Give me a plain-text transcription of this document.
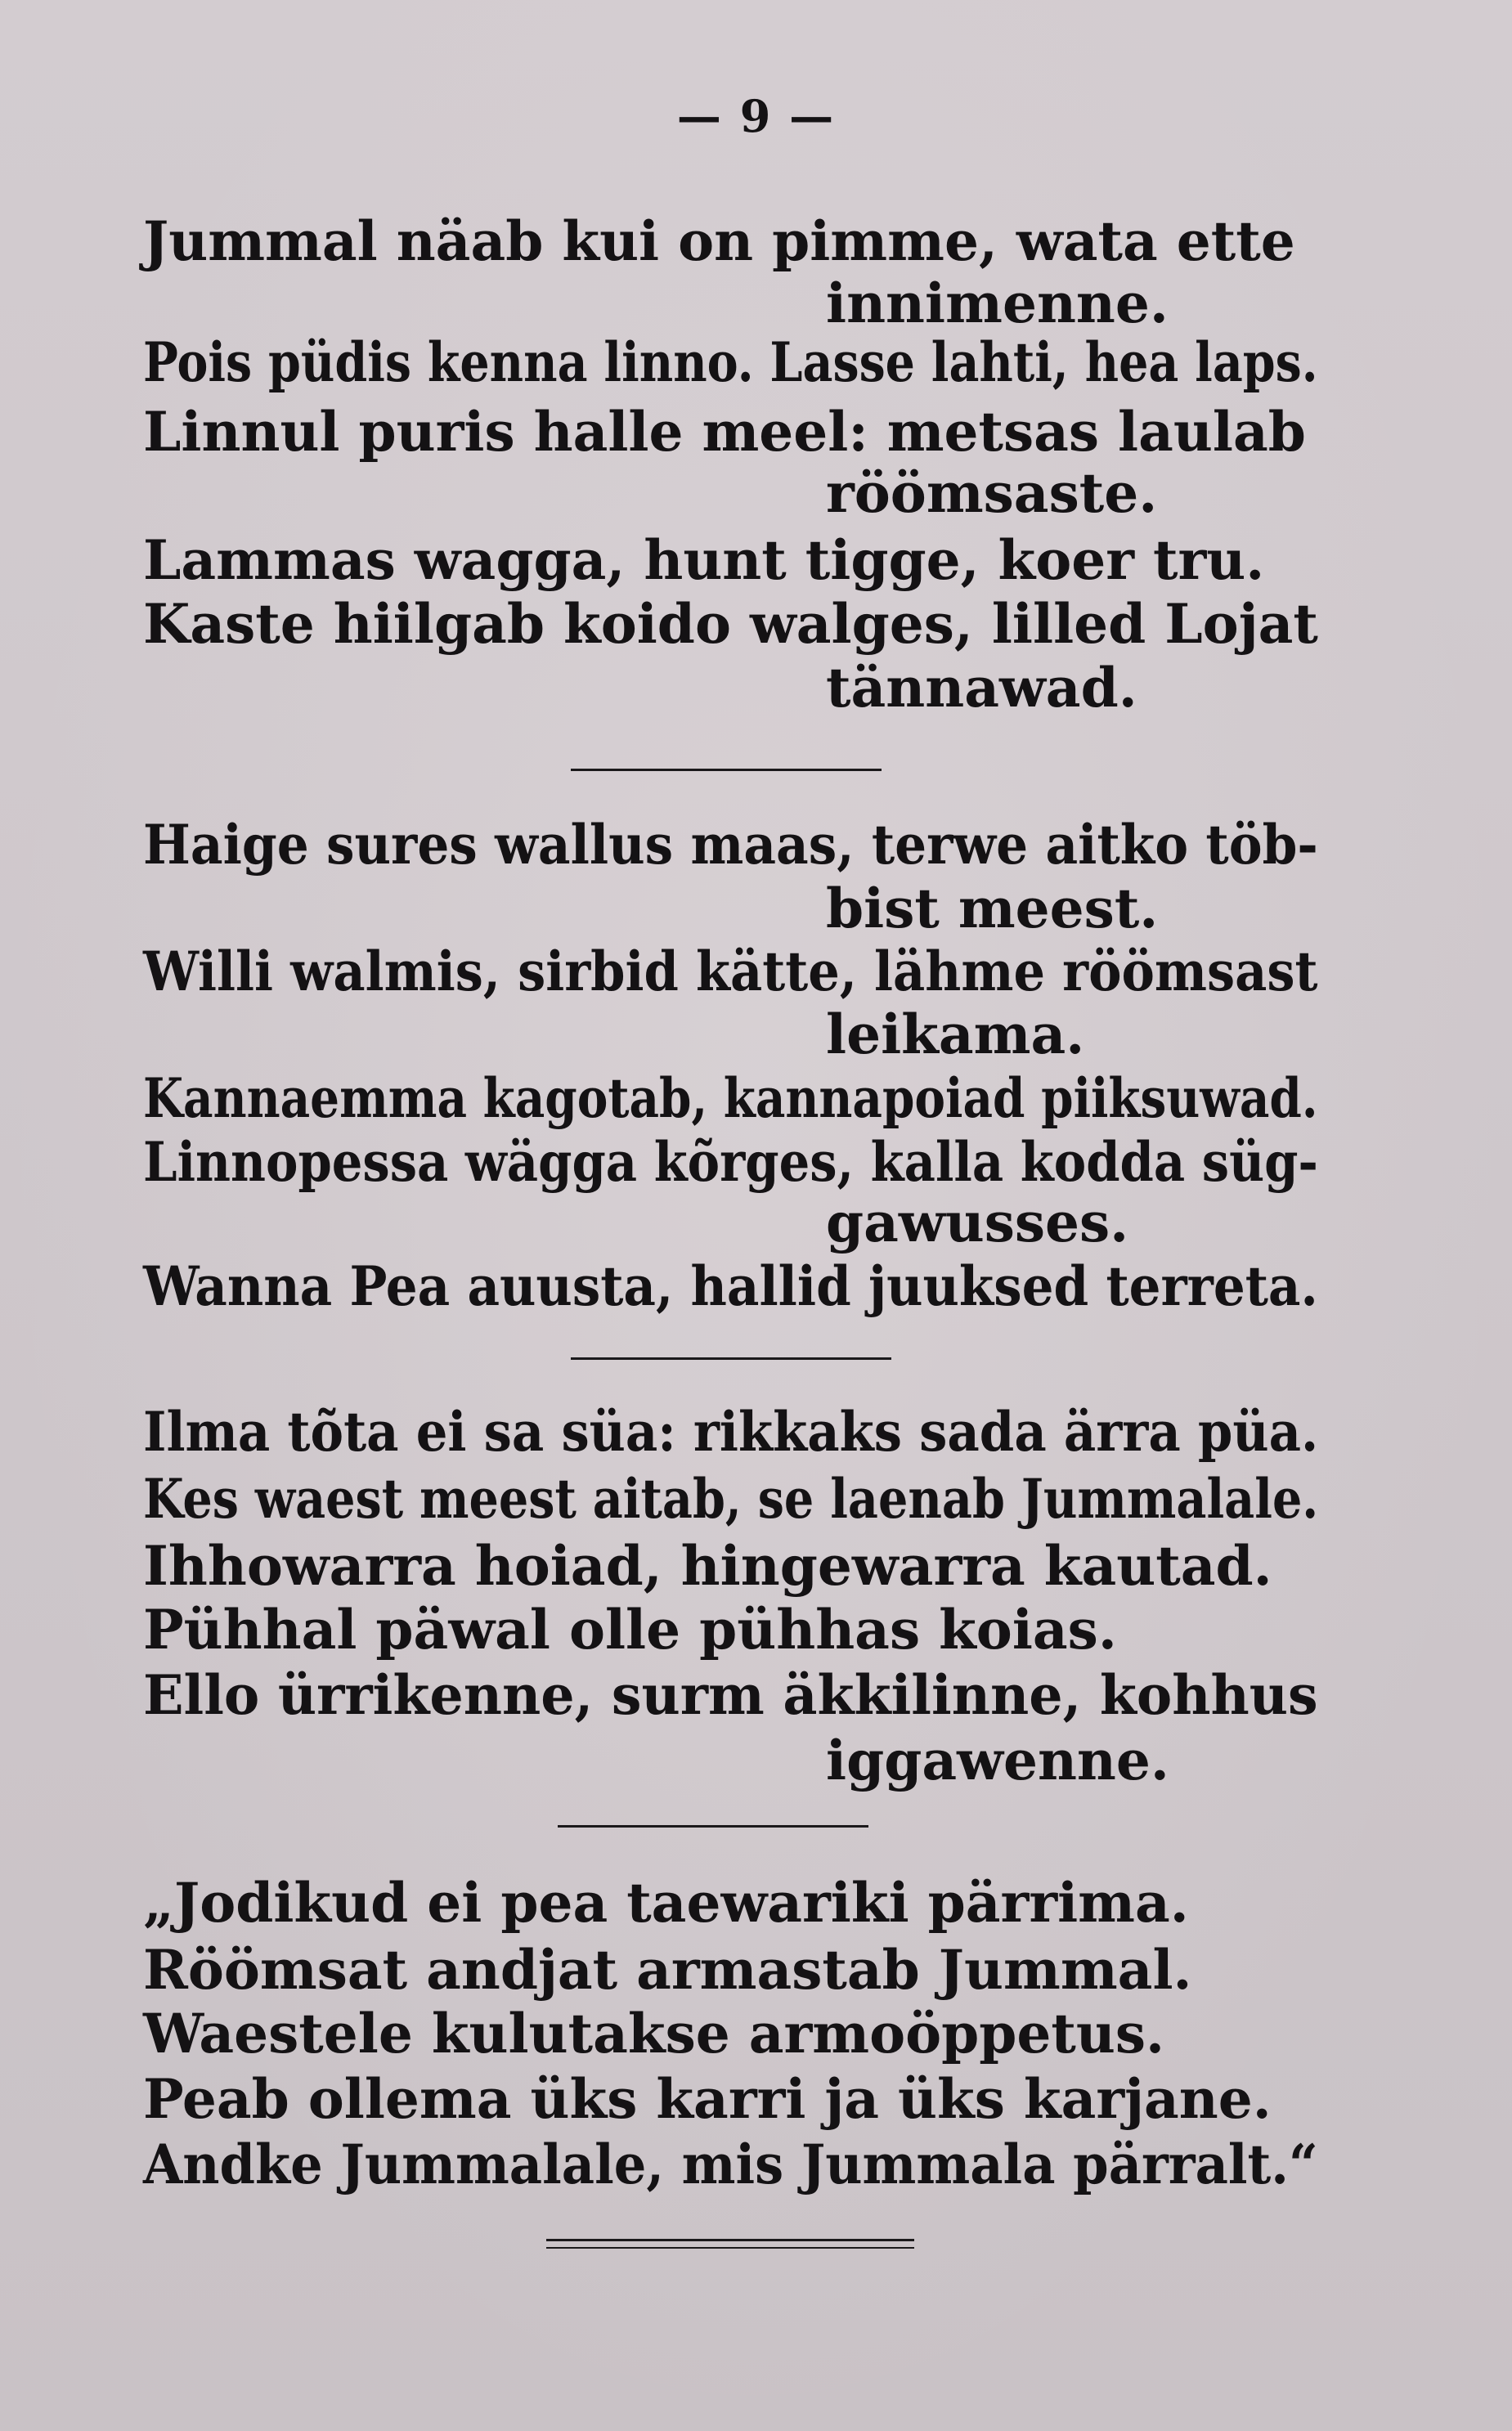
— 9 —
Jummal näab kui on pimme, wata ette
innimenne.
Pois püdis kenna linno. Lasse lahti, hea laps.
Linnul puris halle meel: metsas laulab
röömsaste.
Lammas wagga, hunt tigge, koer tru.
Kaste hiilgab koido walges, lilled Lojat
tännawad.
Haige sures wallus maas, terwe aitko töb-
bist meest.
Willi walmis, sirbid kätte, lähme röömsast
leikama.
Kannaemma kagotab, kannapoiad piiksuwad.
Linnopessa wägga kõrges, kalla kodda süg-
gawusses.
Wanna Pea auusta, hallid juuksed terreta.
Ilma tõta ei sa süa: rikkaks sada ärra püa.
Kes waest meest aitab, se laenab Jummalale.
Ihhowarra hoiad, hingewarra kautad.
Pühhal päwal olle pühhas koias.
Ello ürrikenne, surm äkkilinne, kohhus
iggawenne.
„Jodikud ei pea taewariki pärrima.
Röömsat andjat armastab Jummal.
Waestele kulutakse armoöppetus.
Peab ollema üks karri ja üks karjane.
Andke Jummalale, mis Jummala pärralt.“
